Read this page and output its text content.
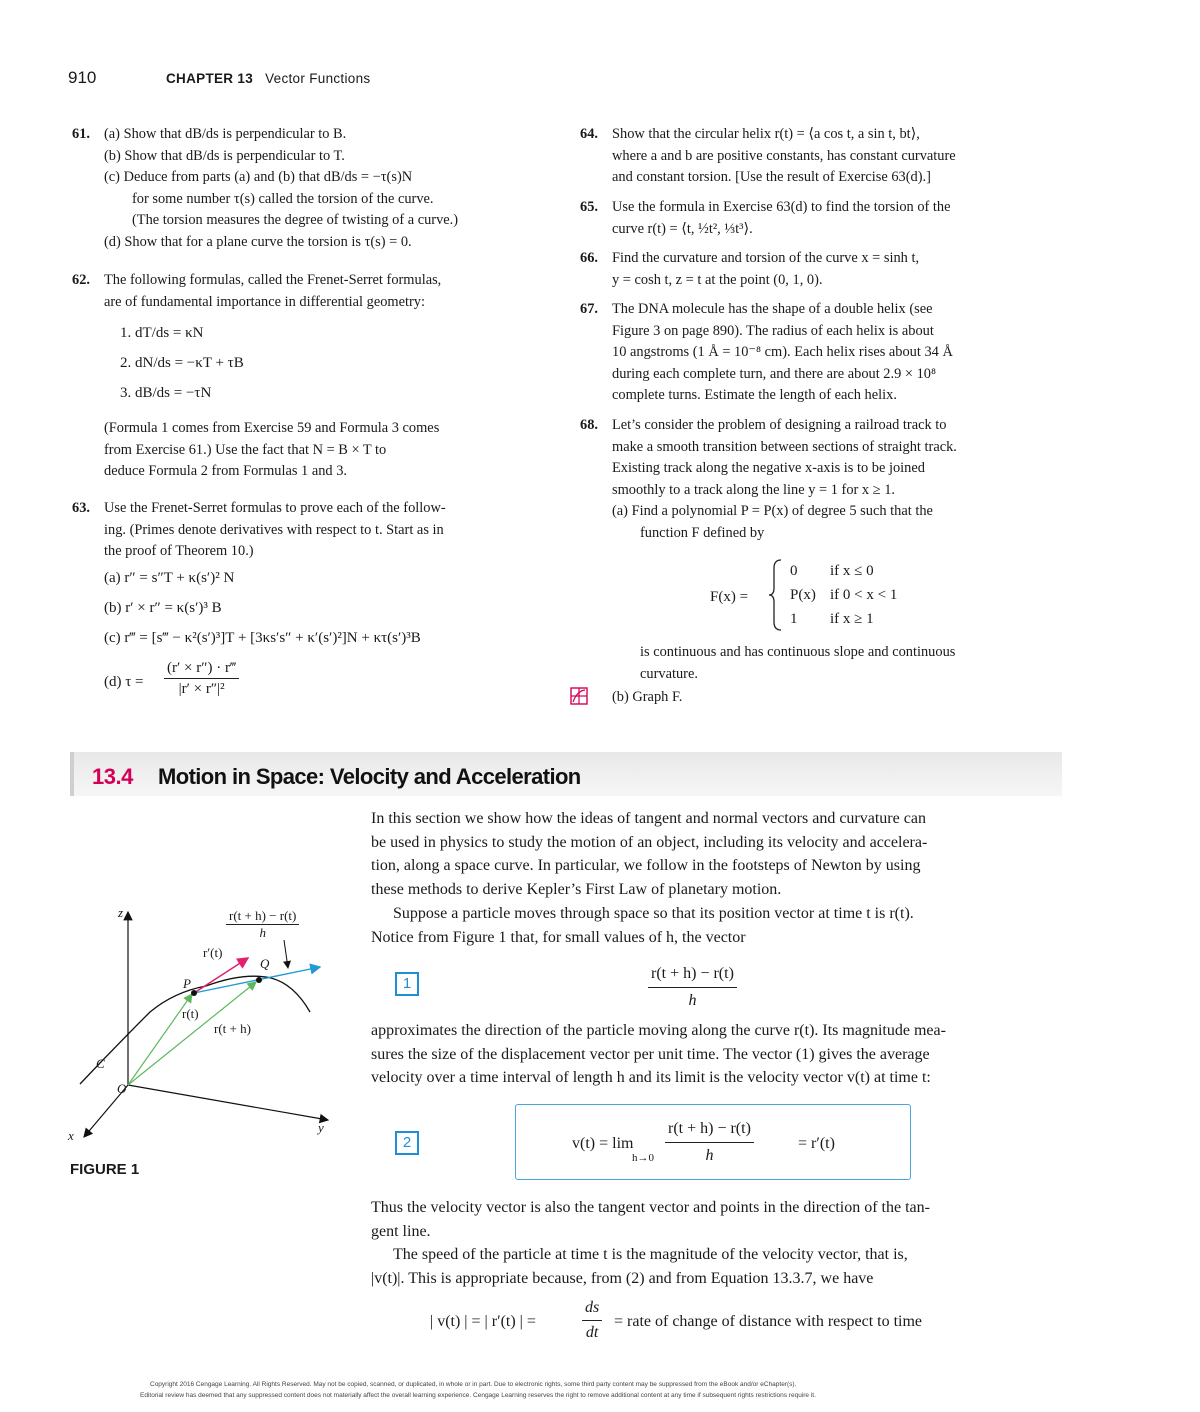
910	CHAPTER 13 Vector Functions
61. (a) Show that dB/ds is perpendicular to B.
(b) Show that dB/ds is perpendicular to T.
(c) Deduce from parts (a) and (b) that dB/ds = −τ(s)N
for some number τ(s) called the torsion of the curve.
(The torsion measures the degree of twisting of a curve.)
(d) Show that for a plane curve the torsion is τ(s) = 0.
62. The following formulas, called the Frenet-Serret formulas,
are of fundamental importance in differential geometry:
1. dT/ds = κN
2. dN/ds = −κT + τB
3. dB/ds = −τN
(Formula 1 comes from Exercise 59 and Formula 3 comes
from Exercise 61.) Use the fact that N = B × T to
deduce Formula 2 from Formulas 1 and 3.
63. Use the Frenet-Serret formulas to prove each of the follow-
ing. (Primes denote derivatives with respect to t. Start as in
the proof of Theorem 10.)
(a) r″ = s″T + κ(s′)² N
(b) r′ × r″ = κ(s′)³ B
(c) r‴ = [s‴ − κ²(s′)³]T + [3κs′s″ + κ′(s′)²]N + κτ(s′)³B
(d) $\tau = \frac{(r' \times r'') \cdot r‴}{\text{|r′ × r″|²}}$
64. Show that the circular helix r(t) = ⟨a cos t, a sin t, bt⟩,
where a and b are positive constants, has constant curvature
and constant torsion. [Use the result of Exercise 63(d).]
65. Use the formula in Exercise 63(d) to find the torsion of the
curve r(t) = ⟨t, ½t², ⅓t³⟩.
66. Find the curvature and torsion of the curve x = sinh t,
y = cosh t, z = t at the point (0, 1, 0).
67. The DNA molecule has the shape of a double helix (see
Figure 3 on page 890). The radius of each helix is about
10 angstroms (1 Å = 10⁻⁸ cm). Each helix rises about 34 Å
during each complete turn, and there are about 2.9 × 10⁸
complete turns. Estimate the length of each helix.
68. Let’s consider the problem of designing a railroad track to
make a smooth transition between sections of straight track.
Existing track along the negative x-axis is to be joined
smoothly to a track along the line y = 1 for x ≥ 1.
(a) Find a polynomial P = P(x) of degree 5 such that the
function F defined by
F(x) =
0 if x ≤ 0
P(x) if 0 < x < 1
1 if x ≥ 1
is continuous and has continuous slope and continuous
curvature.
(b) Graph F.
13.4 Motion in Space: Velocity and Acceleration
z
x
y
O
C
P
Q
r(t)
r(t + h)
r′(t)
$\frac{r(t + h) - r(t)}{h}$
FIGURE 1
In this section we show how the ideas of tangent and normal vectors and curvature can
be used in physics to study the motion of an object, including its velocity and accelera-
tion, along a space curve. In particular, we follow in the footsteps of Newton by using
these methods to derive Kepler’s First Law of planetary motion.
Suppose a particle moves through space so that its position vector at time t is r(t).
Notice from Figure 1 that, for small values of h, the vector
1	$\frac{r(t + h) - r(t)}{h}$
approximates the direction of the particle moving along the curve r(t). Its magnitude mea-
sures the size of the displacement vector per unit time. The vector (1) gives the average
velocity over a time interval of length h and its limit is the velocity vector v(t) at time t:
2	v(t) = lim
$h\to 0 \frac{r(t + h) - r(t)}{h}$	= r′(t)
Thus the velocity vector is also the tangent vector and points in the direction of the tan-
gent line.
The speed of the particle at time t is the magnitude of the velocity vector, that is,
|v(t)|. This is appropriate because, from (2) and from Equation 13.3.7, we have
| v(t) | = | r′(t) | =	$\frac{ds}{dt}$ = rate of change of distance with respect to time
Copyright 2016 Cengage Learning. All Rights Reserved. May not be copied, scanned, or duplicated, in whole or in part. Due to electronic rights, some third party content may be suppressed from the eBook and/or eChapter(s).
Editorial review has deemed that any suppressed content does not materially affect the overall learning experience. Cengage Learning reserves the right to remove additional content at any time if subsequent rights restrictions require it.
